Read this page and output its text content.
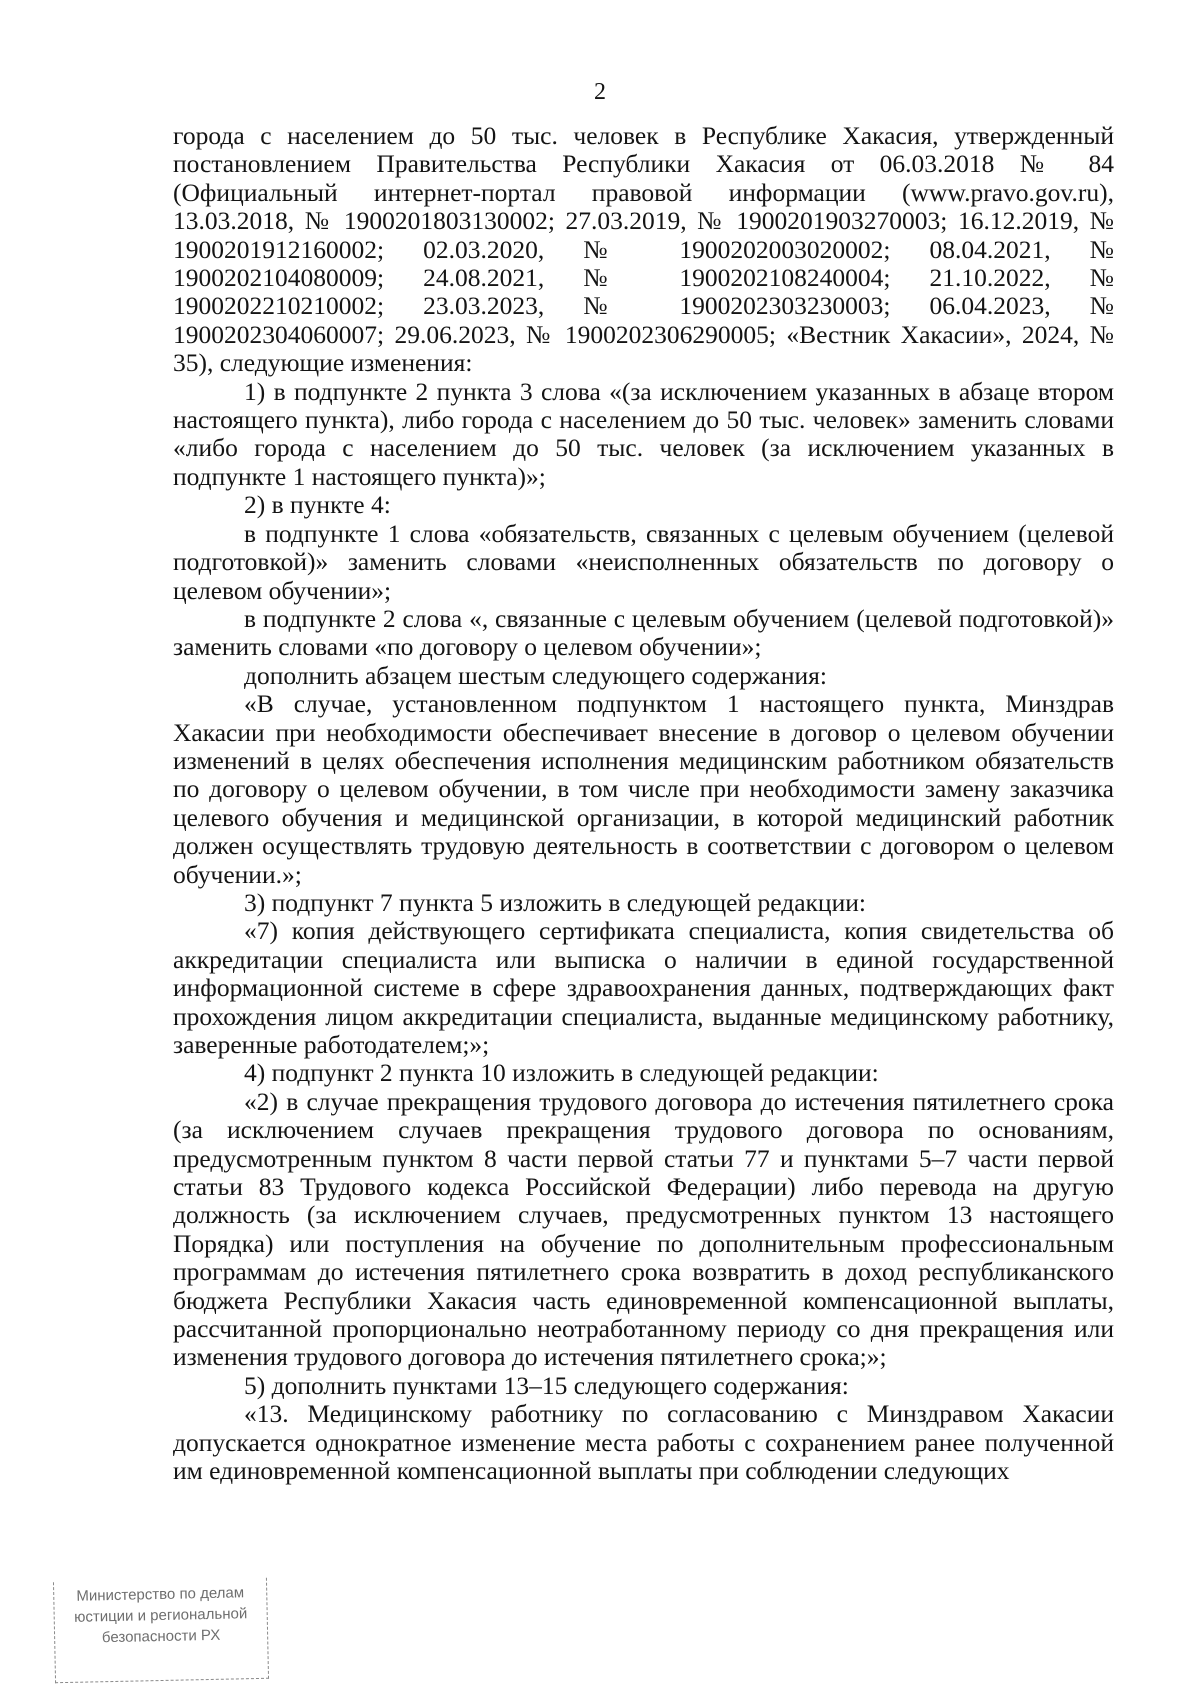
2

города с населением до 50 тыс. человек в Республике Хакасия, утвержденный постановлением Правительства Республики Хакасия от 06.03.2018 № 84 (Официальный интернет-портал правовой информации (www.pravo.gov.ru), 13.03.2018, № 1900201803130002; 27.03.2019, № 1900201903270003; 16.12.2019, № 1900201912160002; 02.03.2020, № 1900202003020002; 08.04.2021, № 1900202104080009; 24.08.2021, № 1900202108240004; 21.10.2022, № 1900202210210002; 23.03.2023, № 1900202303230003; 06.04.2023, № 1900202304060007; 29.06.2023, № 1900202306290005; «Вестник Хакасии», 2024, № 35), следующие изменения:

1) в подпункте 2 пункта 3 слова «(за исключением указанных в абзаце втором настоящего пункта), либо города с населением до 50 тыс. человек» заменить словами «либо города с населением до 50 тыс. человек (за исключением указанных в подпункте 1 настоящего пункта)»;

2) в пункте 4:

в подпункте 1 слова «обязательств, связанных с целевым обучением (целевой подготовкой)» заменить словами «неисполненных обязательств по договору о целевом обучении»;

в подпункте 2 слова «, связанные с целевым обучением (целевой подготовкой)» заменить словами «по договору о целевом обучении»;

дополнить абзацем шестым следующего содержания:

«В случае, установленном подпунктом 1 настоящего пункта, Минздрав Хакасии при необходимости обеспечивает внесение в договор о целевом обучении изменений в целях обеспечения исполнения медицинским работником обязательств по договору о целевом обучении, в том числе при необходимости замену заказчика целевого обучения и медицинской организации, в которой медицинский работник должен осуществлять трудовую деятельность в соответствии с договором о целевом обучении.»;

3) подпункт 7 пункта 5 изложить в следующей редакции:

«7) копия действующего сертификата специалиста, копия свидетельства об аккредитации специалиста или выписка о наличии в единой государственной информационной системе в сфере здравоохранения данных, подтверждающих факт прохождения лицом аккредитации специалиста, выданные медицинскому работнику, заверенные работодателем;»;

4) подпункт 2 пункта 10 изложить в следующей редакции:

«2) в случае прекращения трудового договора до истечения пятилетнего срока (за исключением случаев прекращения трудового договора по основаниям, предусмотренным пунктом 8 части первой статьи 77 и пунктами 5–7 части первой статьи 83 Трудового кодекса Российской Федерации) либо перевода на другую должность (за исключением случаев, предусмотренных пунктом 13 настоящего Порядка) или поступления на обучение по дополнительным профессиональным программам до истечения пятилетнего срока возвратить в доход республиканского бюджета Республики Хакасия часть единовременной компенсационной выплаты, рассчитанной пропорционально неотработанному периоду со дня прекращения или изменения трудового договора до истечения пятилетнего срока;»;

5) дополнить пунктами 13–15 следующего содержания:

«13. Медицинскому работнику по согласованию с Минздравом Хакасии допускается однократное изменение места работы с сохранением ранее полученной им единовременной компенсационной выплаты при соблюдении следующих

Министерство по делам
юстиции и региональной
безопасности РХ
